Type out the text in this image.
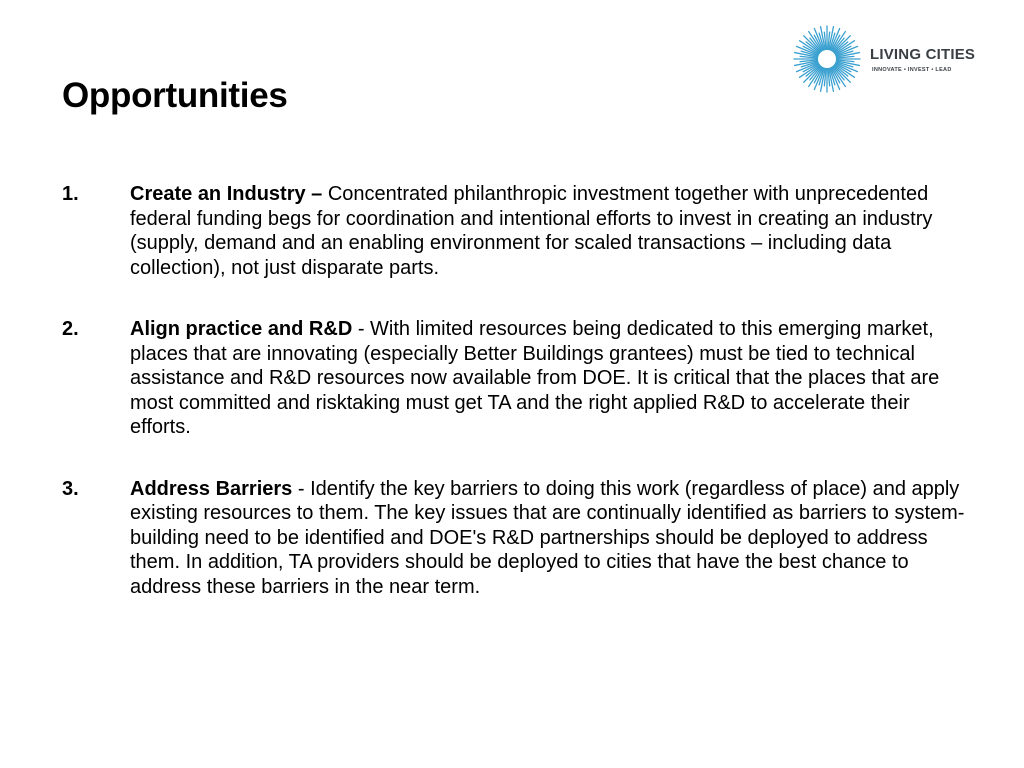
LIVING CITIES
INNOVATE • INVEST • LEAD
Opportunities
1.	Create an Industry – Concentrated philanthropic investment together with unprecedented federal funding begs for coordination and intentional efforts to invest in creating an industry (supply, demand and an enabling environment for scaled transactions – including data collection), not just disparate parts.
2.	Align practice and R&D - With limited resources being dedicated to this emerging market, places that are innovating (especially Better Buildings grantees) must be tied to technical assistance and R&D resources now available from DOE. It is critical that the places that are most committed and risktaking must get TA and the right applied R&D to accelerate their efforts.
3.	Address Barriers - Identify the key barriers to doing this work (regardless of place) and apply existing resources to them. The key issues that are continually identified as barriers to system-building need to be identified and DOE's R&D partnerships should be deployed to address them. In addition, TA providers should be deployed to cities that have the best chance to address these barriers in the near term.
